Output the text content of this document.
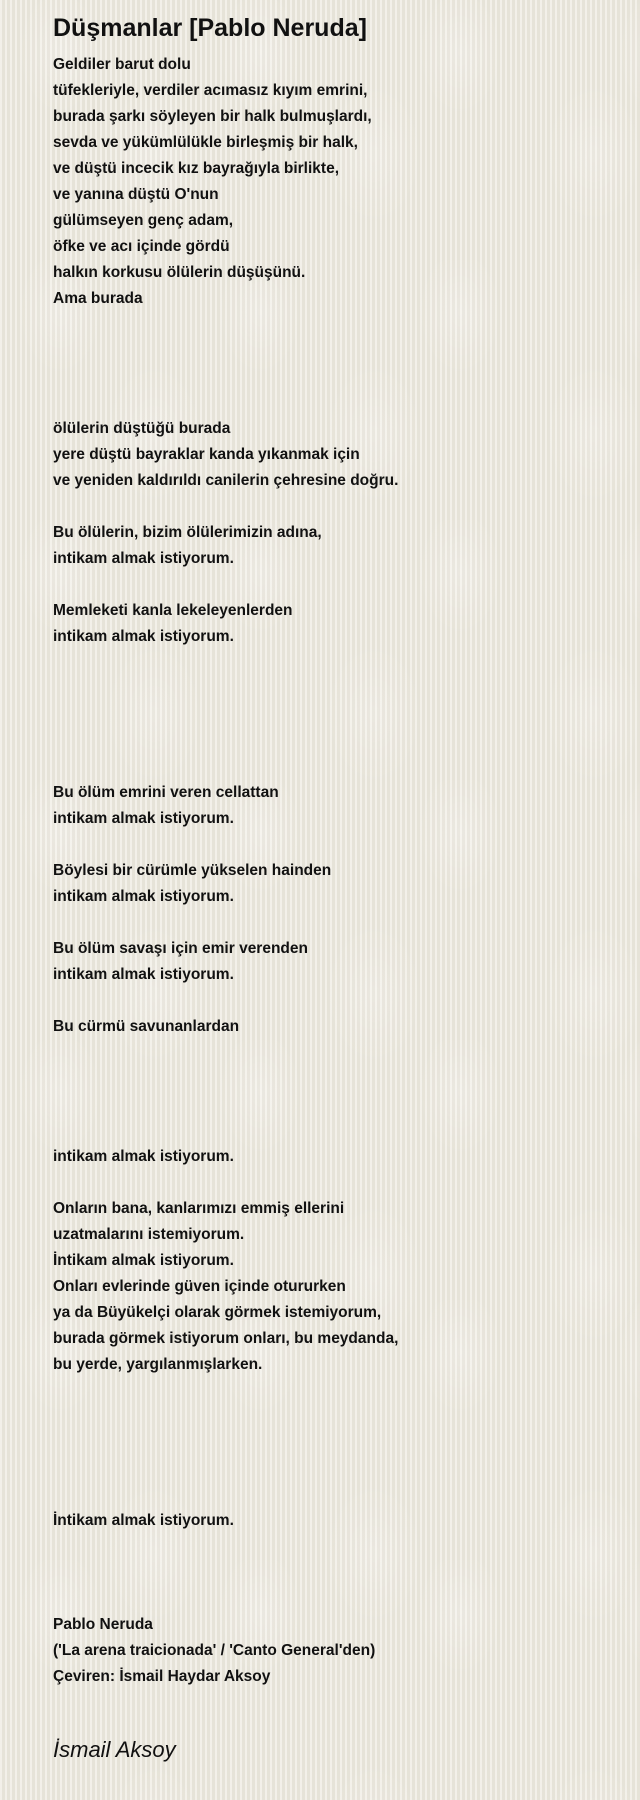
Düşmanlar [Pablo Neruda]
Geldiler barut dolu
tüfekleriyle, verdiler acımasız kıyım emrini,
burada şarkı söyleyen bir halk bulmuşlardı,
sevda ve yükümlülükle birleşmiş bir halk,
ve düştü incecik kız bayrağıyla birlikte,
ve yanına düştü O'nun
gülümseyen genç adam,
öfke ve acı içinde gördü
halkın korkusu ölülerin düşüşünü.
Ama burada
ölülerin düştüğü burada
yere düştü bayraklar kanda yıkanmak için
ve yeniden kaldırıldı canilerin çehresine doğru.
Bu ölülerin, bizim ölülerimizin adına,
intikam almak istiyorum.
Memleketi kanla lekeleyenlerden
intikam almak istiyorum.
Bu ölüm emrini veren cellattan
intikam almak istiyorum.
Böylesi bir cürümle yükselen hainden
intikam almak istiyorum.
Bu ölüm savaşı için emir verenden
intikam almak istiyorum.
Bu cürmü savunanlardan
intikam almak istiyorum.
Onların bana, kanlarımızı emmiş ellerini
uzatmalarını istemiyorum.
İntikam almak istiyorum.
Onları evlerinde güven içinde otururken
ya da Büyükelçi olarak görmek istemiyorum,
burada görmek istiyorum onları, bu meydanda,
bu yerde, yargılanmışlarken.
İntikam almak istiyorum.
Pablo Neruda
('La arena traicionada' / 'Canto General'den)
Çeviren: İsmail Haydar Aksoy
İsmail Aksoy
